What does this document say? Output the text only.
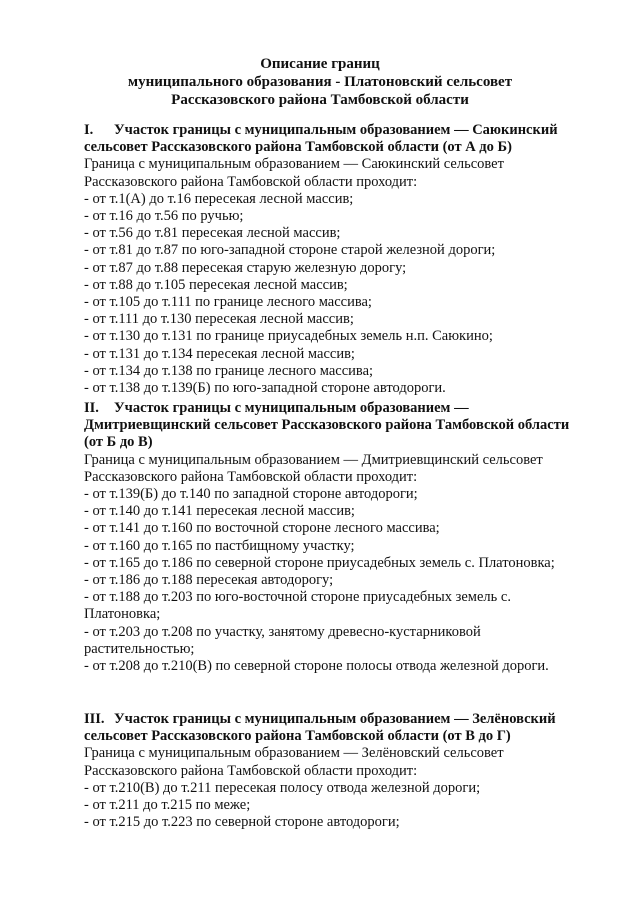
Описание границ
муниципального образования - Платоновский сельсовет
Рассказовского района Тамбовской области
I. Участок границы с муниципальным образованием — Саюкинский
сельсовет Рассказовского района Тамбовской области (от А до Б)
Граница с муниципальным образованием — Саюкинский сельсовет
Рассказовского района Тамбовской области проходит:
- от т.1(А) до т.16 пересекая лесной массив;
- от т.16 до т.56 по ручью;
- от т.56 до т.81 пересекая лесной массив;
- от т.81 до т.87 по юго-западной стороне старой железной дороги;
- от т.87 до т.88 пересекая старую железную дорогу;
- от т.88 до т.105 пересекая лесной массив;
- от т.105 до т.111 по границе лесного массива;
- от т.111 до т.130 пересекая лесной массив;
- от т.130 до т.131 по границе приусадебных земель н.п. Саюкино;
- от т.131 до т.134 пересекая лесной массив;
- от т.134 до т.138 по границе лесного массива;
- от т.138 до т.139(Б) по юго-западной стороне автодороги.
II. Участок границы с муниципальным образованием —
Дмитриевщинский сельсовет Рассказовского района Тамбовской области
(от Б до В)
Граница с муниципальным образованием — Дмитриевщинский сельсовет
Рассказовского района Тамбовской области проходит:
- от т.139(Б) до т.140 по западной стороне автодороги;
- от т.140 до т.141 пересекая лесной массив;
- от т.141 до т.160 по восточной стороне лесного массива;
- от т.160 до т.165 по пастбищному участку;
- от т.165 до т.186 по северной стороне приусадебных земель с. Платоновка;
- от т.186 до т.188 пересекая автодорогу;
- от т.188 до т.203 по юго-восточной стороне приусадебных земель с.
Платоновка;
- от т.203 до т.208 по участку, занятому древесно-кустарниковой
растительностью;
- от т.208 до т.210(В) по северной стороне полосы отвода железной дороги.
III. Участок границы с муниципальным образованием — Зелёновский
сельсовет Рассказовского района Тамбовской области (от В до Г)
Граница с муниципальным образованием — Зелёновский сельсовет
Рассказовского района Тамбовской области проходит:
- от т.210(В) до т.211 пересекая полосу отвода железной дороги;
- от т.211 до т.215 по меже;
- от т.215 до т.223 по северной стороне автодороги;
